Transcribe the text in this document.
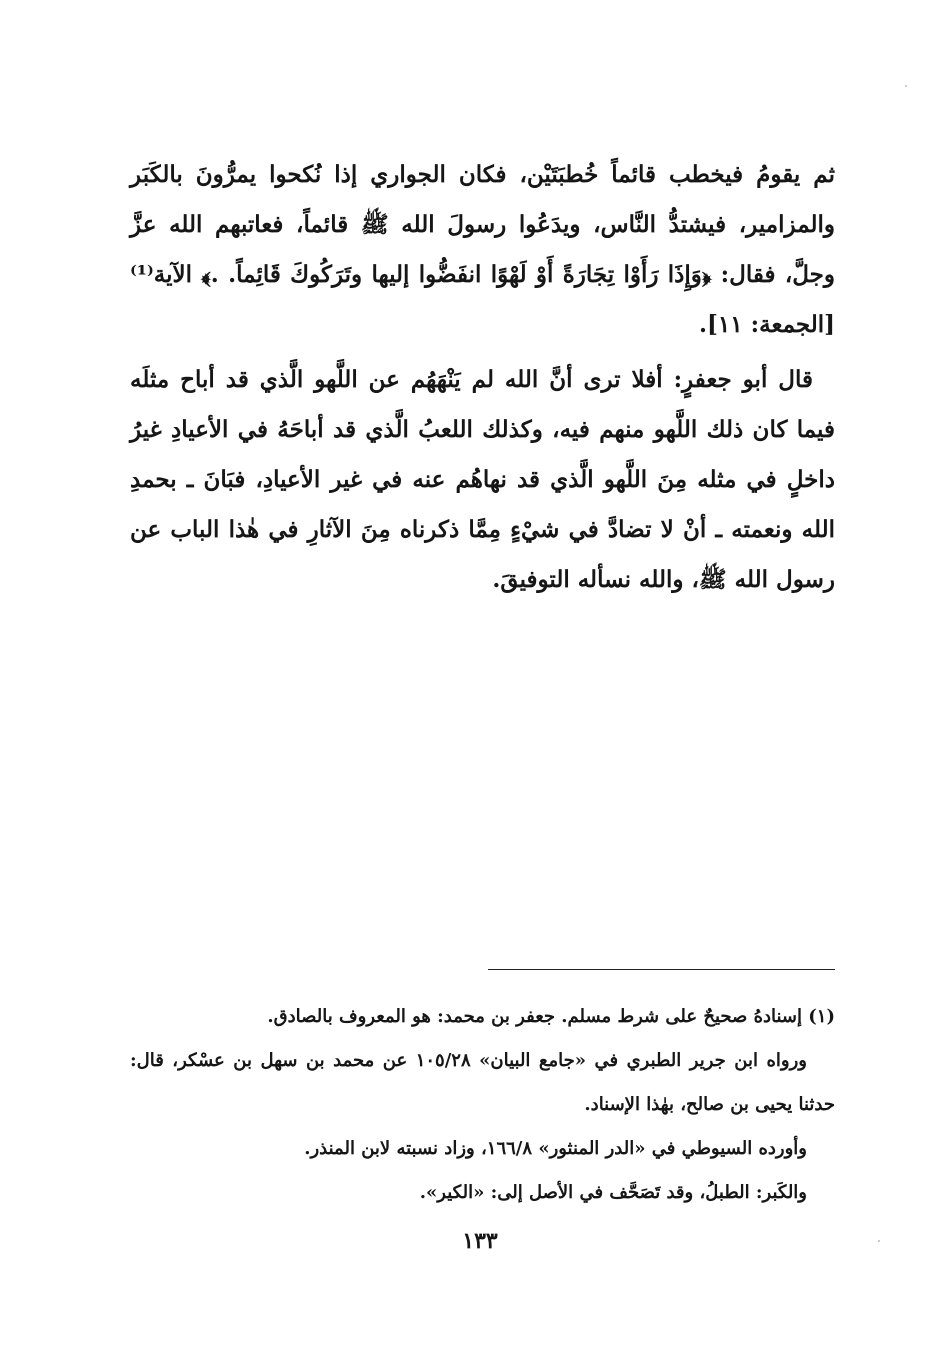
ثم يقومُ فيخطب قائماً خُطبَتَيْن، فكان الجواري إذا نُكحوا يمرُّونَ بالكَبَر والمزامير، فيشتدُّ النَّاس، ويدَعُوا رسولَ الله ﷺ قائماً، فعاتبهم الله عزَّ وجلَّ، فقال: ﴿وَإِذَا رَأَوْا تِجَارَةً أَوْ لَهْوًا انفَضُّوا إليها وتَرَكُوكَ قَائِماً. .﴾ الآية⁽¹⁾ [الجمعة: ١١].

قال أبو جعفرٍ: أفلا ترى أنَّ الله لم يَنْهَهُم عن اللَّهو الَّذي قد أباح مثلَه فيما كان ذلك اللَّهو منهم فيه، وكذلك اللعبُ الَّذي قد أباحَهُ في الأعيادِ غيرُ داخلٍ في مثله مِنَ اللَّهو الَّذي قد نهاهُم عنه في غير الأعيادِ، فبَانَ ـ بحمدِ الله ونعمته ـ أنْ لا تضادَّ في شيْءٍ مِمَّا ذكرناه مِنَ الآثارِ في هٰذا الباب عن رسول الله ﷺ، والله نسأله التوفيقَ.

(١) إسنادهُ صحيحٌ على شرط مسلم. جعفر بن محمد: هو المعروف بالصادق.

ورواه ابن جرير الطبري في «جامع البيان» ١٠٥/٢٨ عن محمد بن سهل بن عسْكر، قال: حدثنا يحيى بن صالح، بهٰذا الإسناد.

وأورده السيوطي في «الدر المنثور» ١٦٦/٨، وزاد نسبته لابن المنذر.

والكَبر: الطبلُ، وقد تَصَحَّف في الأصل إلى: «الكير».

١٣٣
